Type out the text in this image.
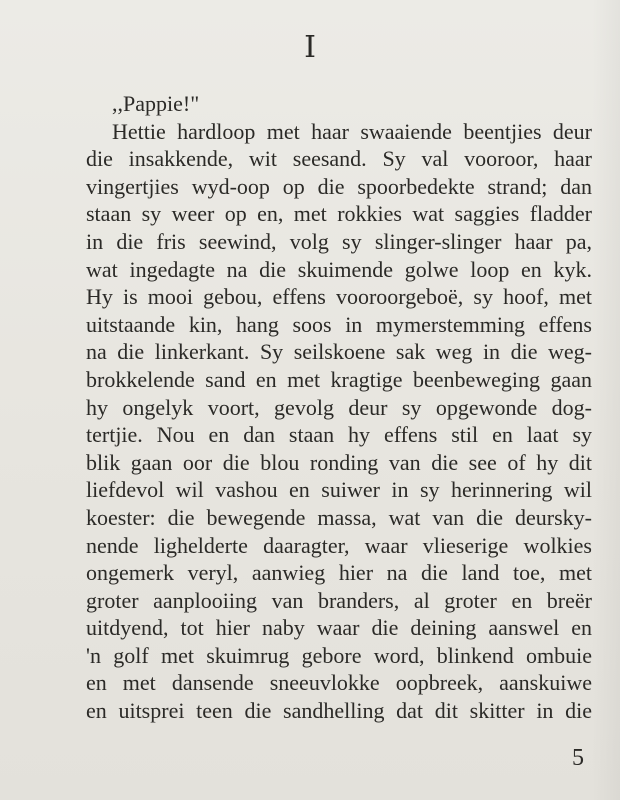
I
,,Pappie!"
Hettie hardloop met haar swaaiende beentjies deur
die insakkende, wit seesand. Sy val vooroor, haar
vingertjies wyd-oop op die spoorbedekte strand; dan
staan sy weer op en, met rokkies wat saggies fladder
in die fris seewind, volg sy slinger-slinger haar pa,
wat ingedagte na die skuimende golwe loop en kyk.
Hy is mooi gebou, effens vooroorgeboë, sy hoof, met
uitstaande kin, hang soos in mymerstemming effens
na die linkerkant. Sy seilskoene sak weg in die weg-
brokkelende sand en met kragtige beenbeweging gaan
hy ongelyk voort, gevolg deur sy opgewonde dog-
tertjie. Nou en dan staan hy effens stil en laat sy
blik gaan oor die blou ronding van die see of hy dit
liefdevol wil vashou en suiwer in sy herinnering wil
koester: die bewegende massa, wat van die deursky-
nende lighelderte daaragter, waar vlieserige wolkies
ongemerk veryl, aanwieg hier na die land toe, met
groter aanplooiing van branders, al groter en breër
uitdyend, tot hier naby waar die deining aanswel en
'n golf met skuimrug gebore word, blinkend ombuie
en met dansende sneeuvlokke oopbreek, aanskuiwe
en uitsprei teen die sandhelling dat dit skitter in die
5
